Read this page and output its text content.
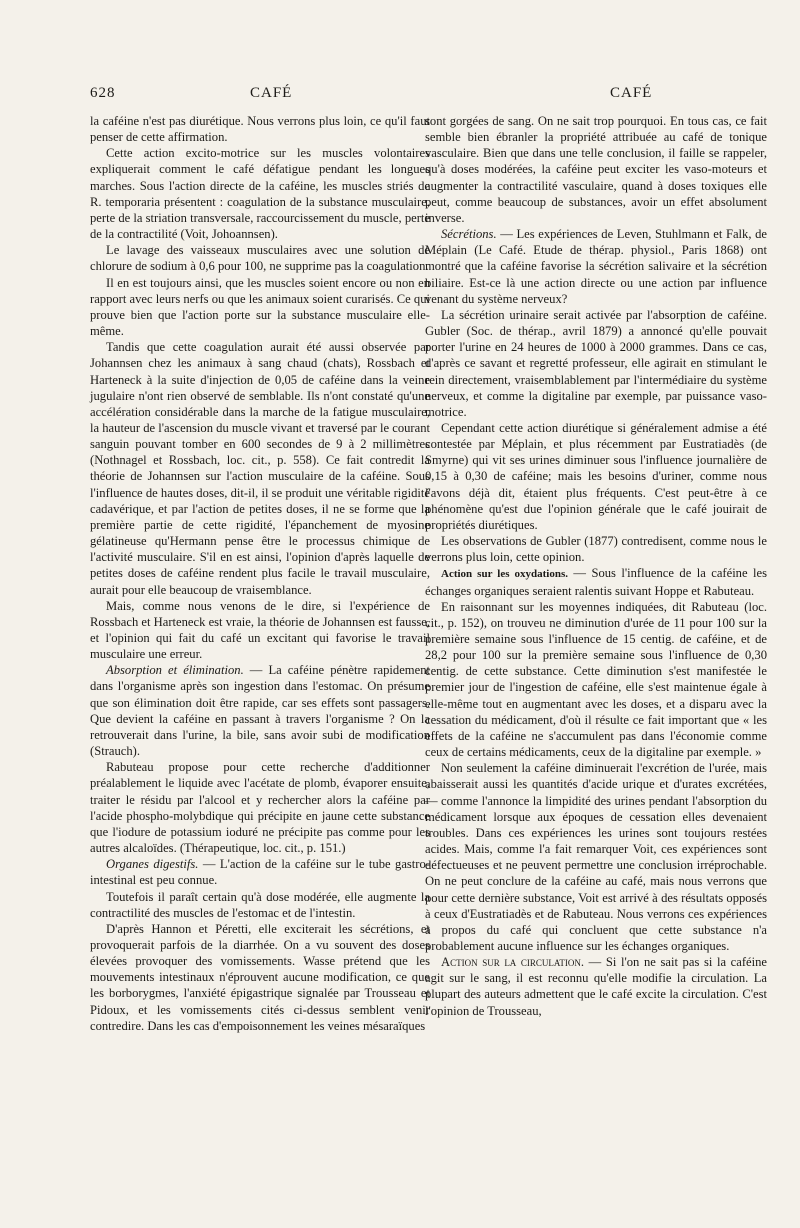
628	CAFÉ	CAFÉ

la caféine n'est pas diurétique. Nous verrons plus loin, ce qu'il faut penser de cette affirmation.

Cette action excito-motrice sur les muscles volontaires expliquerait comment le café défatigue pendant les longues marches. Sous l'action directe de la caféine, les muscles striés de R. temporaria présentent : coagulation de la substance musculaire, perte de la striation transversale, raccourcissement du muscle, perte de la contractilité (Voit, Johoannsen).

Le lavage des vaisseaux musculaires avec une solution de chlorure de sodium à 0,6 pour 100, ne supprime pas la coagulation.

Il en est toujours ainsi, que les muscles soient encore ou non en rapport avec leurs nerfs ou que les animaux soient curarisés. Ce qui prouve bien que l'action porte sur la substance musculaire elle-même.

Tandis que cette coagulation aurait été aussi observée par Johannsen chez les animaux à sang chaud (chats), Rossbach et Harteneck à la suite d'injection de 0,05 de caféine dans la veine jugulaire n'ont rien observé de semblable. Ils n'ont constaté qu'une accélération considérable dans la marche de la fatigue musculaire, la hauteur de l'ascension du muscle vivant et traversé par le courant sanguin pouvant tomber en 600 secondes de 9 à 2 millimètres (Nothnagel et Rossbach, loc. cit., p. 558). Ce fait contredit la théorie de Johannsen sur l'action musculaire de la caféine. Sous l'influence de hautes doses, dit-il, il se produit une véritable rigidité cadavérique, et par l'action de petites doses, il ne se forme que la première partie de cette rigidité, l'épanchement de myosine gélatineuse qu'Hermann pense être le processus chimique de l'activité musculaire. S'il en est ainsi, l'opinion d'après laquelle de petites doses de caféine rendent plus facile le travail musculaire, aurait pour elle beaucoup de vraisemblance.

Mais, comme nous venons de le dire, si l'expérience de Rossbach et Harteneck est vraie, la théorie de Johannsen est fausse, et l'opinion qui fait du café un excitant qui favorise le travail musculaire une erreur.

Absorption et élimination. — La caféine pénètre rapidement dans l'organisme après son ingestion dans l'estomac. On présume que son élimination doit être rapide, car ses effets sont passagers. Que devient la caféine en passant à travers l'organisme ? On la retrouverait dans l'urine, la bile, sans avoir subi de modification (Strauch).

Rabuteau propose pour cette recherche d'additionner préalablement le liquide avec l'acétate de plomb, évaporer ensuite, traiter le résidu par l'alcool et y rechercher alors la caféine par l'acide phospho-molybdique qui précipite en jaune cette substance que l'iodure de potassium ioduré ne précipite pas comme pour les autres alcaloïdes. (Thérapeutique, loc. cit., p. 151.)

Organes digestifs. — L'action de la caféine sur le tube gastro-intestinal est peu connue.

Toutefois il paraît certain qu'à dose modérée, elle augmente la contractilité des muscles de l'estomac et de l'intestin.

D'après Hannon et Péretti, elle exciterait les sécrétions, et provoquerait parfois de la diarrhée. On a vu souvent des doses élevées provoquer des vomissements. Wasse prétend que les mouvements intestinaux n'éprouvent aucune modification, ce que les borborygmes, l'anxiété épigastrique signalée par Trousseau et Pidoux, et les vomissements cités ci-dessus semblent venir contredire. Dans les cas d'empoisonnement les veines mésaraïques

sont gorgées de sang. On ne sait trop pourquoi. En tous cas, ce fait semble bien ébranler la propriété attribuée au café de tonique vasculaire. Bien que dans une telle conclusion, il faille se rappeler, qu'à doses modérées, la caféine peut exciter les vaso-moteurs et augmenter la contractilité vasculaire, quand à doses toxiques elle peut, comme beaucoup de substances, avoir un effet absolument inverse.

Sécrétions. — Les expériences de Leven, Stuhlmann et Falk, de Méplain (Le Café. Etude de thérap. physiol., Paris 1868) ont montré que la caféine favorise la sécrétion salivaire et la sécrétion biliaire. Est-ce là une action directe ou une action par influence venant du système nerveux?

La sécrétion urinaire serait activée par l'absorption de caféine. Gubler (Soc. de thérap., avril 1879) a annoncé qu'elle pouvait porter l'urine en 24 heures de 1000 à 2000 grammes. Dans ce cas, d'après ce savant et regretté professeur, elle agirait en stimulant le rein directement, vraisemblablement par l'intermédiaire du système nerveux, et comme la digitaline par exemple, par puissance vaso-motrice.

Cependant cette action diurétique si généralement admise a été contestée par Méplain, et plus récemment par Eustratiadès (de Smyrne) qui vit ses urines diminuer sous l'influence journalière de 0,15 à 0,30 de caféine; mais les besoins d'uriner, comme nous l'avons déjà dit, étaient plus fréquents. C'est peut-être à ce phénomène qu'est due l'opinion générale que le café jouirait de propriétés diurétiques.

Les observations de Gubler (1877) contredisent, comme nous le verrons plus loin, cette opinion.

Action sur les oxydations. — Sous l'influence de la caféine les échanges organiques seraient ralentis suivant Hoppe et Rabuteau.

En raisonnant sur les moyennes indiquées, dit Rabuteau (loc. cit., p. 152), on trouveu ne diminution d'urée de 11 pour 100 sur la première semaine sous l'influence de 15 centig. de caféine, et de 28,2 pour 100 sur la première semaine sous l'influence de 0,30 centig. de cette substance. Cette diminution s'est manifestée le premier jour de l'ingestion de caféine, elle s'est maintenue égale à elle-même tout en augmentant avec les doses, et a disparu avec la cessation du médicament, d'où il résulte ce fait important que « les effets de la caféine ne s'accumulent pas dans l'économie comme ceux de certains médicaments, ceux de la digitaline par exemple. »

Non seulement la caféine diminuerait l'excrétion de l'urée, mais abaisserait aussi les quantités d'acide urique et d'urates excrétées, — comme l'annonce la limpidité des urines pendant l'absorption du médicament lorsque aux époques de cessation elles devenaient troubles. Dans ces expériences les urines sont toujours restées acides. Mais, comme l'a fait remarquer Voit, ces expériences sont défectueuses et ne peuvent permettre une conclusion irréprochable. On ne peut conclure de la caféine au café, mais nous verrons que pour cette dernière substance, Voit est arrivé à des résultats opposés à ceux d'Eustratiadès et de Rabuteau. Nous verrons ces expériences à propos du café qui concluent que cette substance n'a probablement aucune influence sur les échanges organiques.

Action sur la circulation. — Si l'on ne sait pas si la caféine agit sur le sang, il est reconnu qu'elle modifie la circulation. La plupart des auteurs admettent que le café excite la circulation. C'est l'opinion de Trousseau,
